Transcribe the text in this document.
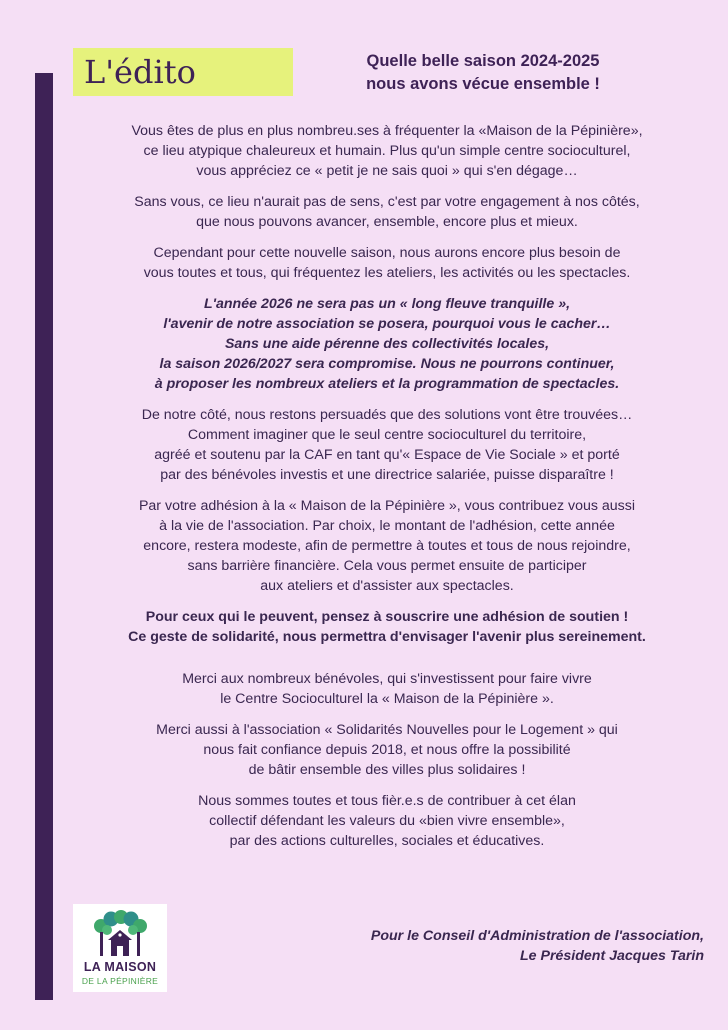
L'édito	Quelle belle saison 2024-2025
nous avons vécue ensemble !

Vous êtes de plus en plus nombreu.ses à fréquenter la «Maison de la Pépinière»,
ce lieu atypique chaleureux et humain. Plus qu'un simple centre socioculturel,
vous appréciez ce « petit je ne sais quoi » qui s'en dégage…

Sans vous, ce lieu n'aurait pas de sens, c'est par votre engagement à nos côtés,
que nous pouvons avancer, ensemble, encore plus et mieux.

Cependant pour cette nouvelle saison, nous aurons encore plus besoin de
vous toutes et tous, qui fréquentez les ateliers, les activités ou les spectacles.

L'année 2026 ne sera pas un « long fleuve tranquille »,
l'avenir de notre association se posera, pourquoi vous le cacher…
Sans une aide pérenne des collectivités locales,
la saison 2026/2027 sera compromise. Nous ne pourrons continuer,
à proposer les nombreux ateliers et la programmation de spectacles.

De notre côté, nous restons persuadés que des solutions vont être trouvées…
Comment imaginer que le seul centre socioculturel du territoire,
agréé et soutenu par la CAF en tant qu'« Espace de Vie Sociale » et porté
par des bénévoles investis et une directrice salariée, puisse disparaître !

Par votre adhésion à la « Maison de la Pépinière », vous contribuez vous aussi
à la vie de l'association. Par choix, le montant de l'adhésion, cette année
encore, restera modeste, afin de permettre à toutes et tous de nous rejoindre,
sans barrière financière. Cela vous permet ensuite de participer
aux ateliers et d'assister aux spectacles.

Pour ceux qui le peuvent, pensez à souscrire une adhésion de soutien !
Ce geste de solidarité, nous permettra d'envisager l'avenir plus sereinement.

Merci aux nombreux bénévoles, qui s'investissent pour faire vivre
le Centre Socioculturel la « Maison de la Pépinière ».

Merci aussi à l'association « Solidarités Nouvelles pour le Logement » qui
nous fait confiance depuis 2018, et nous offre la possibilité
de bâtir ensemble des villes plus solidaires !

Nous sommes toutes et tous fièr.e.s de contribuer à cet élan
collectif défendant les valeurs du «bien vivre ensemble»,
par des actions culturelles, sociales et éducatives.

LA MAISON
DE LA PÉPINIÈRE
Pour le Conseil d'Administration de l'association,
Le Président Jacques Tarin
